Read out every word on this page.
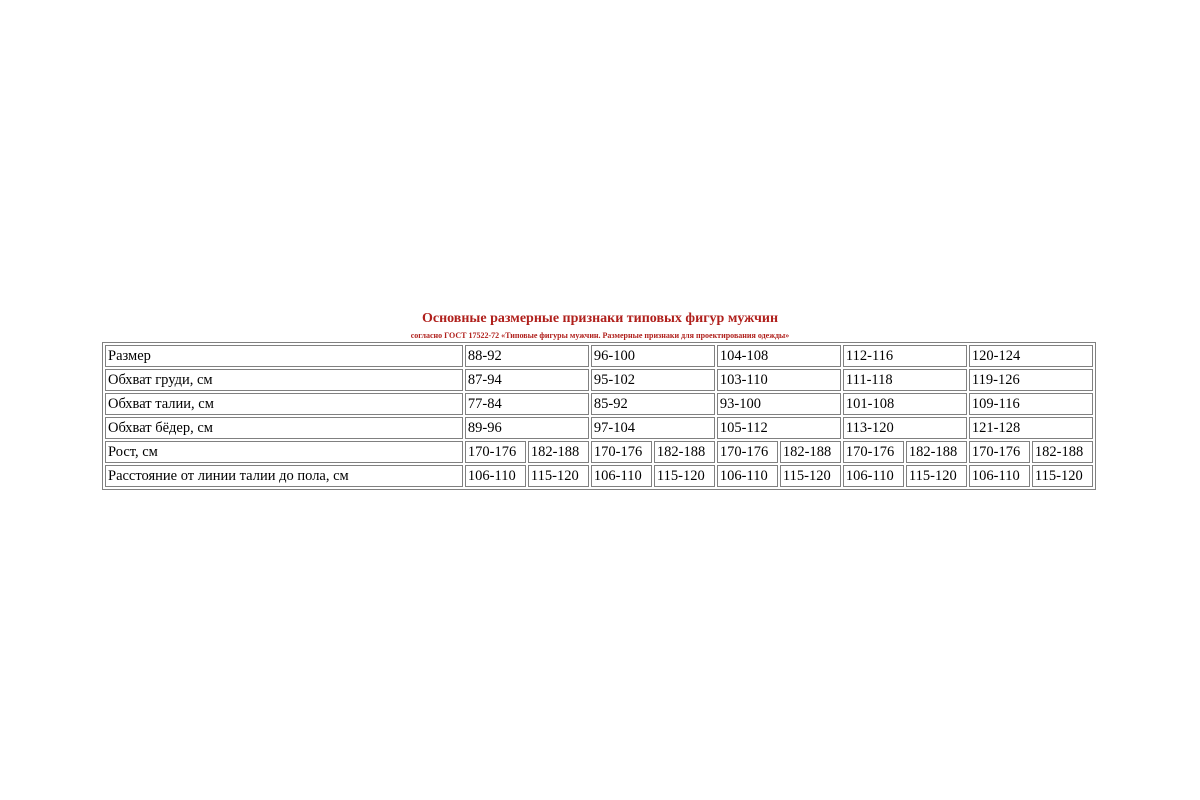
Основные размерные признаки типовых фигур мужчин
согласно ГОСТ 17522-72 «Типовые фигуры мужчин. Размерные признаки для проектирования одежды»
Размер	88-92		96-100		104-108		112-116		120-124	
Обхват груди, см	87-94		95-102		103-110		111-118		119-126	
Обхват талии, см	77-84		85-92		93-100		101-108		109-116	
Обхват бёдер, см	89-96		97-104		105-112		113-120		121-128	
Рост, см	170-176	182-188	170-176	182-188	170-176	182-188	170-176	182-188	170-176	182-188
Расстояние от линии талии до пола, см	106-110	115-120	106-110	115-120	106-110	115-120	106-110	115-120	106-110	115-120
